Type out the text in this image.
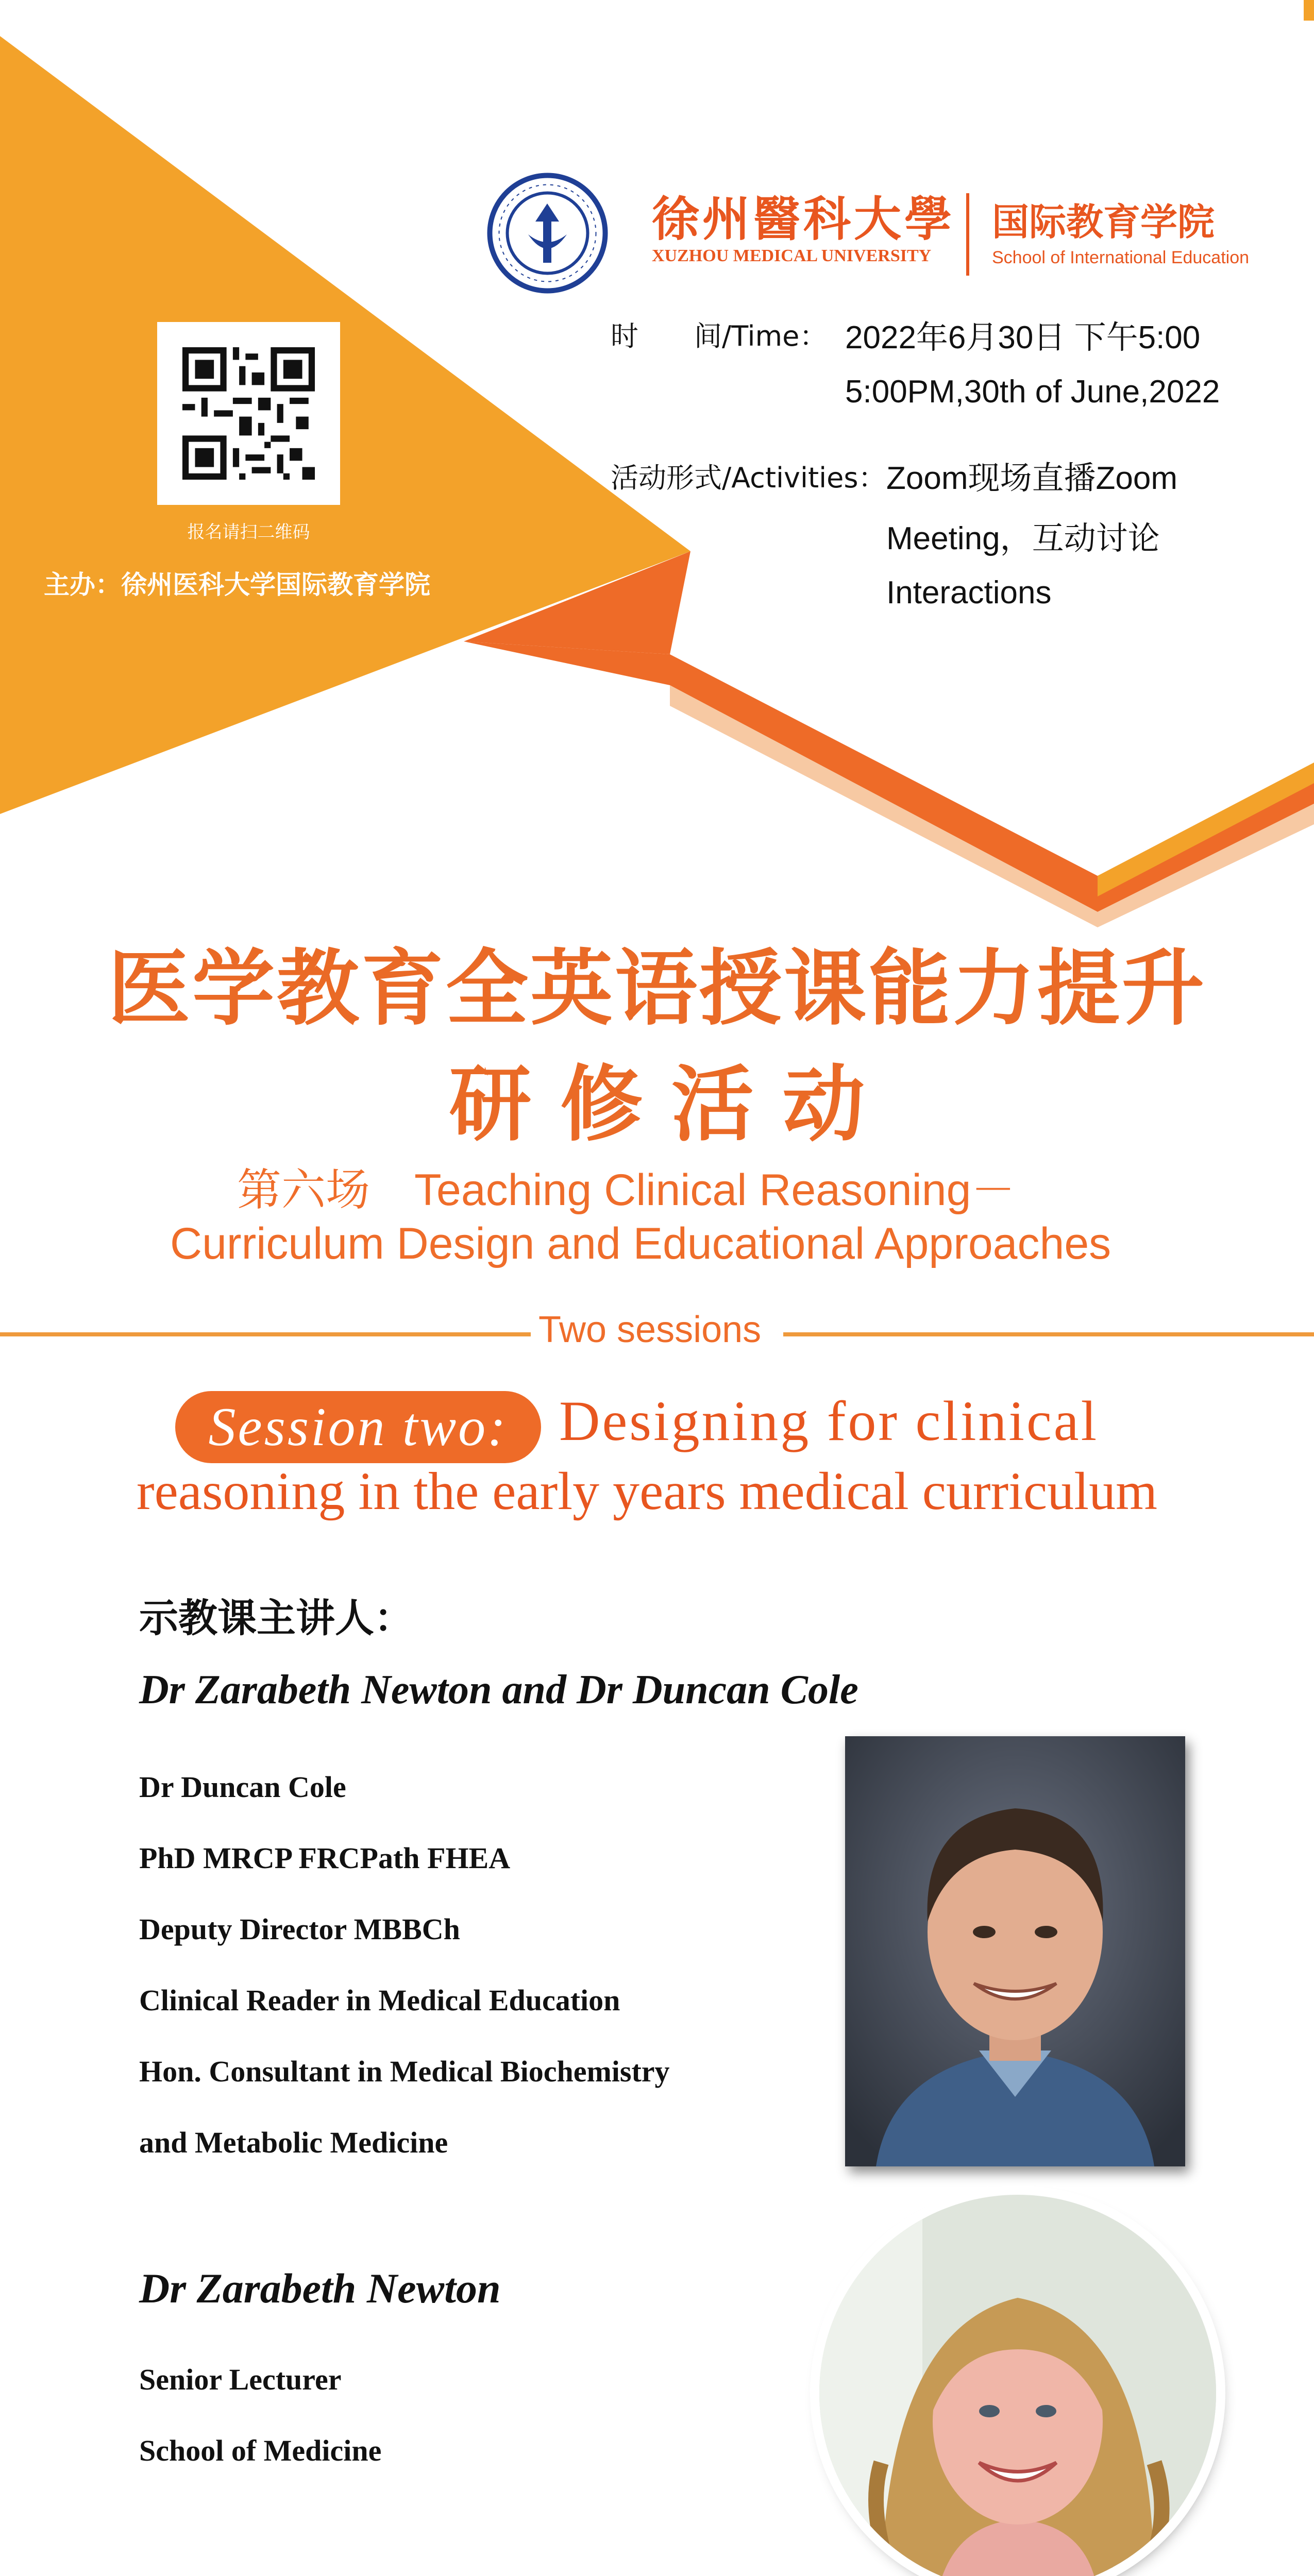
徐州醫科大學
XUZHOU MEDICAL UNIVERSITY
国际教育学院
School of International Education
报名请扫二维码
主办：徐州医科大学国际教育学院
时　　间/Time： 2022年6月30日 下午5:00
5:00PM,30th of June,2022
活动形式/Activities： Zoom现场直播Zoom
Meeting，互动讨论
Interactions
医学教育全英语授课能力提升
研 修 活 动
第六场　Teaching Clinical Reasoning－
Curriculum Design and Educational Approaches
Two sessions
Session two: Designing for clinical
reasoning in the early years medical curriculum
示教课主讲人：
Dr Zarabeth Newton and Dr Duncan Cole
Dr Duncan Cole
PhD MRCP FRCPath FHEA
Deputy Director MBBCh
Clinical Reader in Medical Education
Hon. Consultant in Medical Biochemistry
and Metabolic Medicine
Dr Zarabeth Newton
Senior Lecturer
School of Medicine
